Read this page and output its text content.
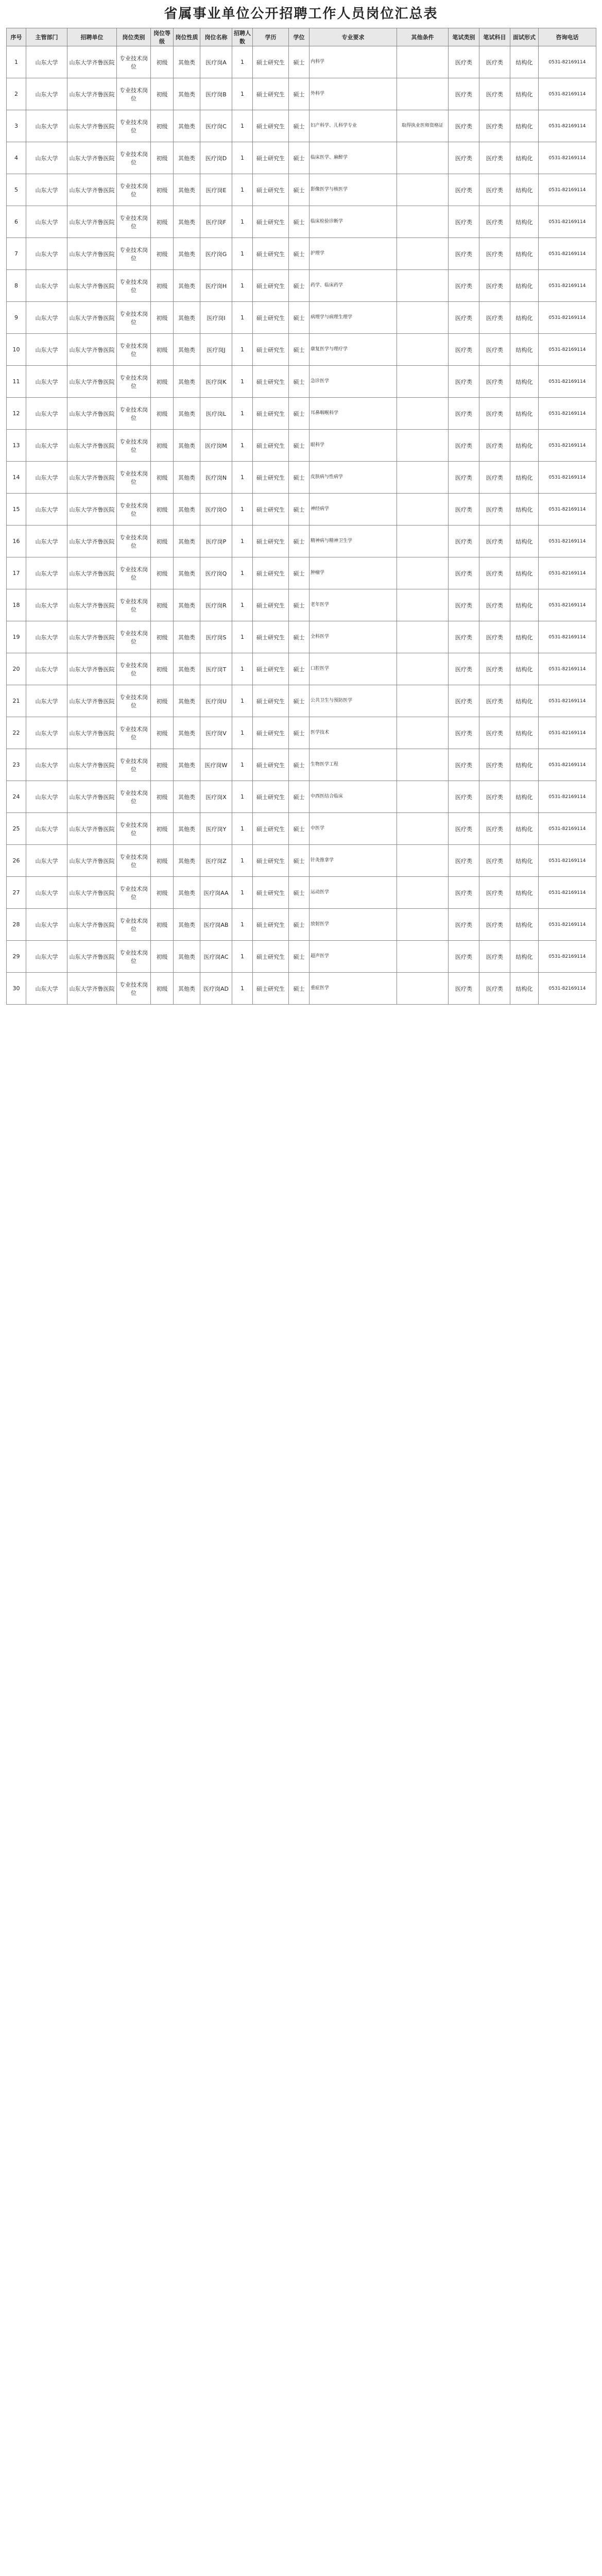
省属事业单位公开招聘工作人员岗位汇总表
序号	主管部门	招聘单位	岗位类别	岗位等级	岗位性质	岗位名称	招聘人数	学历	学位	专业要求	其他条件	笔试类别	笔试科目	面试形式	咨询电话
1	山东大学	山东大学齐鲁医院	专业技术岗位	初级	其他类	医疗岗A	1	硕士研究生	硕士	内科学		医疗类	医疗类	结构化	0531-82169114
2	山东大学	山东大学齐鲁医院	专业技术岗位	初级	其他类	医疗岗B	1	硕士研究生	硕士	外科学		医疗类	医疗类	结构化	0531-82169114
3	山东大学	山东大学齐鲁医院	专业技术岗位	初级	其他类	医疗岗C	1	硕士研究生	硕士	妇产科学、儿科学专业	取得执业医师资格证	医疗类	医疗类	结构化	0531-82169114
4	山东大学	山东大学齐鲁医院	专业技术岗位	初级	其他类	医疗岗D	1	硕士研究生	硕士	临床医学、麻醉学		医疗类	医疗类	结构化	0531-82169114
5	山东大学	山东大学齐鲁医院	专业技术岗位	初级	其他类	医疗岗E	1	硕士研究生	硕士	影像医学与核医学		医疗类	医疗类	结构化	0531-82169114
6	山东大学	山东大学齐鲁医院	专业技术岗位	初级	其他类	医疗岗F	1	硕士研究生	硕士	临床检验诊断学		医疗类	医疗类	结构化	0531-82169114
7	山东大学	山东大学齐鲁医院	专业技术岗位	初级	其他类	医疗岗G	1	硕士研究生	硕士	护理学		医疗类	医疗类	结构化	0531-82169114
8	山东大学	山东大学齐鲁医院	专业技术岗位	初级	其他类	医疗岗H	1	硕士研究生	硕士	药学、临床药学		医疗类	医疗类	结构化	0531-82169114
9	山东大学	山东大学齐鲁医院	专业技术岗位	初级	其他类	医疗岗I	1	硕士研究生	硕士	病理学与病理生理学		医疗类	医疗类	结构化	0531-82169114
10	山东大学	山东大学齐鲁医院	专业技术岗位	初级	其他类	医疗岗J	1	硕士研究生	硕士	康复医学与理疗学		医疗类	医疗类	结构化	0531-82169114
11	山东大学	山东大学齐鲁医院	专业技术岗位	初级	其他类	医疗岗K	1	硕士研究生	硕士	急诊医学		医疗类	医疗类	结构化	0531-82169114
12	山东大学	山东大学齐鲁医院	专业技术岗位	初级	其他类	医疗岗L	1	硕士研究生	硕士	耳鼻咽喉科学		医疗类	医疗类	结构化	0531-82169114
13	山东大学	山东大学齐鲁医院	专业技术岗位	初级	其他类	医疗岗M	1	硕士研究生	硕士	眼科学		医疗类	医疗类	结构化	0531-82169114
14	山东大学	山东大学齐鲁医院	专业技术岗位	初级	其他类	医疗岗N	1	硕士研究生	硕士	皮肤病与性病学		医疗类	医疗类	结构化	0531-82169114
15	山东大学	山东大学齐鲁医院	专业技术岗位	初级	其他类	医疗岗O	1	硕士研究生	硕士	神经病学		医疗类	医疗类	结构化	0531-82169114
16	山东大学	山东大学齐鲁医院	专业技术岗位	初级	其他类	医疗岗P	1	硕士研究生	硕士	精神病与精神卫生学		医疗类	医疗类	结构化	0531-82169114
17	山东大学	山东大学齐鲁医院	专业技术岗位	初级	其他类	医疗岗Q	1	硕士研究生	硕士	肿瘤学		医疗类	医疗类	结构化	0531-82169114
18	山东大学	山东大学齐鲁医院	专业技术岗位	初级	其他类	医疗岗R	1	硕士研究生	硕士	老年医学		医疗类	医疗类	结构化	0531-82169114
19	山东大学	山东大学齐鲁医院	专业技术岗位	初级	其他类	医疗岗S	1	硕士研究生	硕士	全科医学		医疗类	医疗类	结构化	0531-82169114
20	山东大学	山东大学齐鲁医院	专业技术岗位	初级	其他类	医疗岗T	1	硕士研究生	硕士	口腔医学		医疗类	医疗类	结构化	0531-82169114
21	山东大学	山东大学齐鲁医院	专业技术岗位	初级	其他类	医疗岗U	1	硕士研究生	硕士	公共卫生与预防医学		医疗类	医疗类	结构化	0531-82169114
22	山东大学	山东大学齐鲁医院	专业技术岗位	初级	其他类	医疗岗V	1	硕士研究生	硕士	医学技术		医疗类	医疗类	结构化	0531-82169114
23	山东大学	山东大学齐鲁医院	专业技术岗位	初级	其他类	医疗岗W	1	硕士研究生	硕士	生物医学工程		医疗类	医疗类	结构化	0531-82169114
24	山东大学	山东大学齐鲁医院	专业技术岗位	初级	其他类	医疗岗X	1	硕士研究生	硕士	中西医结合临床		医疗类	医疗类	结构化	0531-82169114
25	山东大学	山东大学齐鲁医院	专业技术岗位	初级	其他类	医疗岗Y	1	硕士研究生	硕士	中医学		医疗类	医疗类	结构化	0531-82169114
26	山东大学	山东大学齐鲁医院	专业技术岗位	初级	其他类	医疗岗Z	1	硕士研究生	硕士	针灸推拿学		医疗类	医疗类	结构化	0531-82169114
27	山东大学	山东大学齐鲁医院	专业技术岗位	初级	其他类	医疗岗AA	1	硕士研究生	硕士	运动医学		医疗类	医疗类	结构化	0531-82169114
28	山东大学	山东大学齐鲁医院	专业技术岗位	初级	其他类	医疗岗AB	1	硕士研究生	硕士	放射医学		医疗类	医疗类	结构化	0531-82169114
29	山东大学	山东大学齐鲁医院	专业技术岗位	初级	其他类	医疗岗AC	1	硕士研究生	硕士	超声医学		医疗类	医疗类	结构化	0531-82169114
30	山东大学	山东大学齐鲁医院	专业技术岗位	初级	其他类	医疗岗AD	1	硕士研究生	硕士	重症医学		医疗类	医疗类	结构化	0531-82169114
